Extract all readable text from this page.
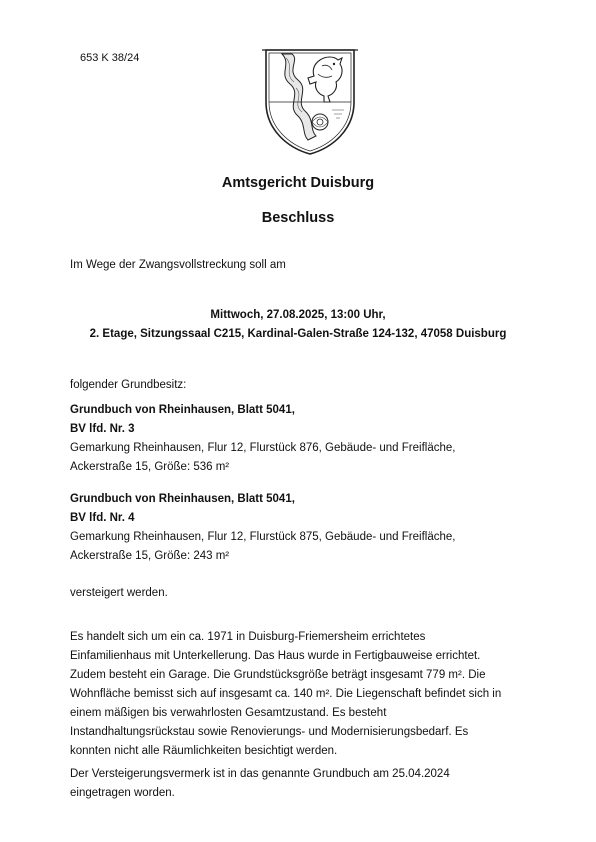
653 K 38/24
Amtsgericht Duisburg
Beschluss
Im Wege der Zwangsvollstreckung soll am
Mittwoch, 27.08.2025, 13:00 Uhr,
2. Etage, Sitzungssaal C215, Kardinal-Galen-Straße 124-132, 47058 Duisburg
folgender Grundbesitz:
Grundbuch von Rheinhausen, Blatt 5041,
BV lfd. Nr. 3
Gemarkung Rheinhausen, Flur 12, Flurstück 876, Gebäude- und Freifläche,
Ackerstraße 15, Größe: 536 m²
Grundbuch von Rheinhausen, Blatt 5041,
BV lfd. Nr. 4
Gemarkung Rheinhausen, Flur 12, Flurstück 875, Gebäude- und Freifläche,
Ackerstraße 15, Größe: 243 m²
versteigert werden.
Es handelt sich um ein ca. 1971 in Duisburg-Friemersheim errichtetes
Einfamilienhaus mit Unterkellerung. Das Haus wurde in Fertigbauweise errichtet.
Zudem besteht ein Garage. Die Grundstücksgröße beträgt insgesamt 779 m². Die
Wohnfläche bemisst sich auf insgesamt ca. 140 m². Die Liegenschaft befindet sich in
einem mäßigen bis verwahrlosten Gesamtzustand. Es besteht
Instandhaltungsrückstau sowie Renovierungs- und Modernisierungsbedarf. Es
konnten nicht alle Räumlichkeiten besichtigt werden.
Der Versteigerungsvermerk ist in das genannte Grundbuch am 25.04.2024
eingetragen worden.
